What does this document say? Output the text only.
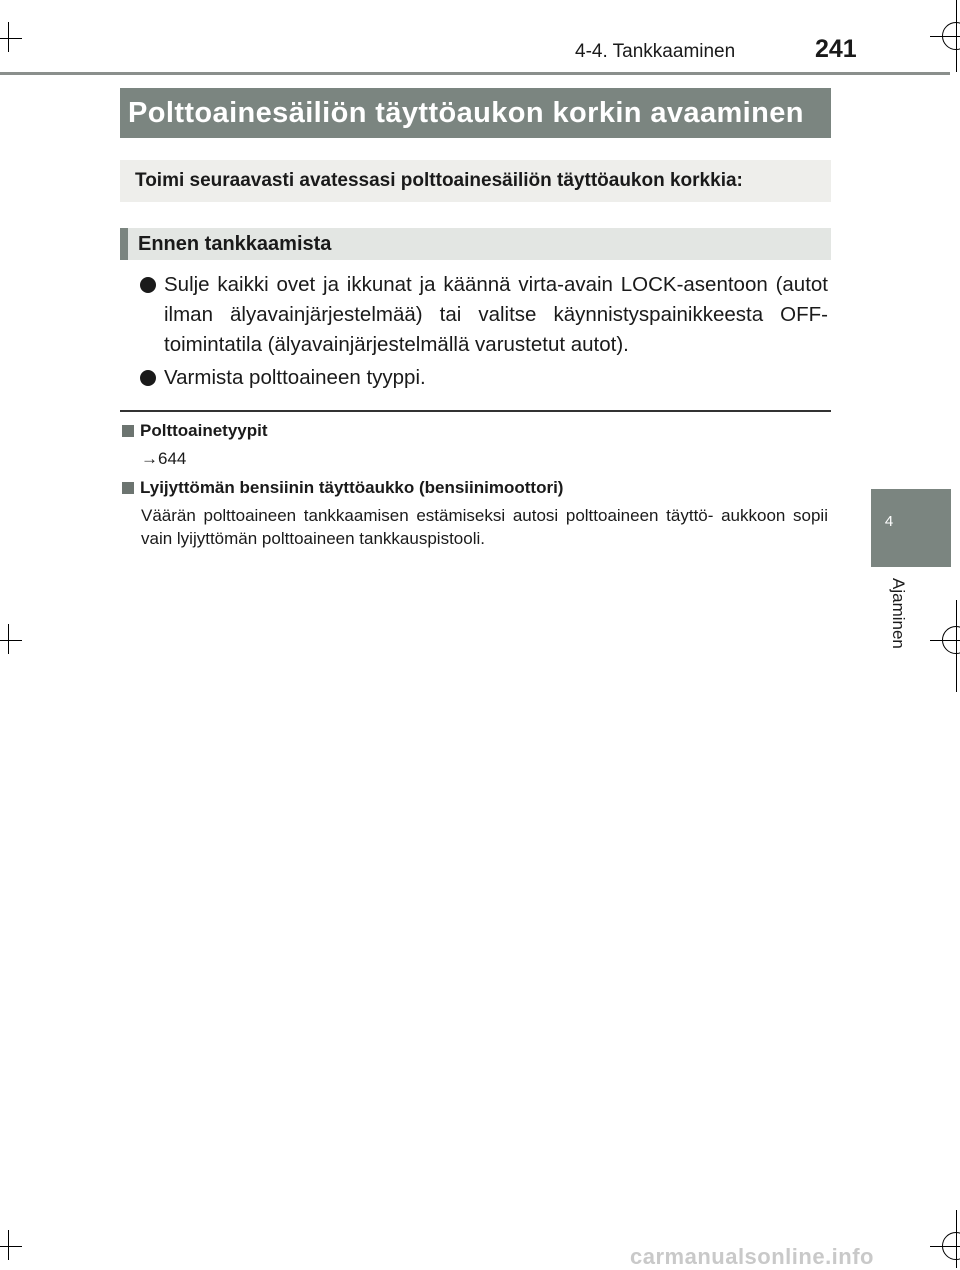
4-4. Tankkaaminen	241
4
Ajaminen
Polttoainesäiliön täyttöaukon korkin avaaminen
Toimi seuraavasti avatessasi polttoainesäiliön täyttöaukon korkkia:
Ennen tankkaamista
Sulje kaikki ovet ja ikkunat ja käännä virta-avain LOCK-asentoon (autot ilman älyavainjärjestelmää) tai valitse käynnistyspainikkeesta OFF-toimintatila (älyavainjärjestelmällä varustetut autot).
Varmista polttoaineen tyyppi.
Polttoainetyypit
→644
Lyijyttömän bensiinin täyttöaukko (bensiinimoottori)
Väärän polttoaineen tankkaamisen estämiseksi autosi polttoaineen täyttö- aukkoon sopii vain lyijyttömän polttoaineen tankkauspistooli.
carmanualsonline.info
